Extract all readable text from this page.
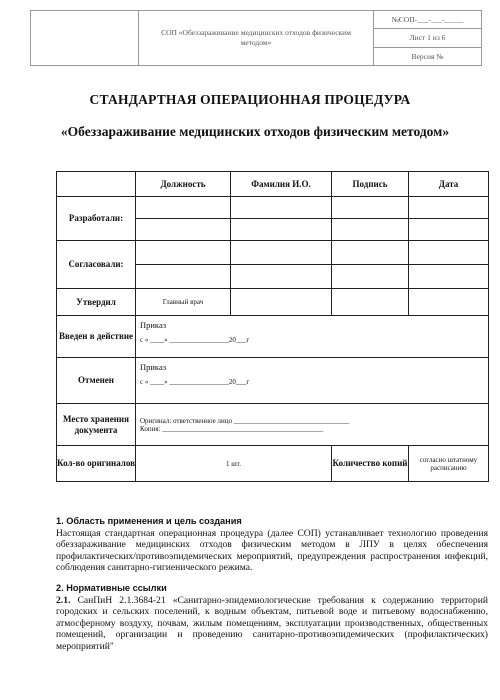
	СОП «Обеззараживание медицинских отходов физическим методом»	№СОП-___-___-_____
Лист 1 из 6
Версия №
СТАНДАРТНАЯ ОПЕРАЦИОННАЯ ПРОЦЕДУРА
«Обеззараживание медицинских отходов физическим методом»
	Должность	Фамилия И.О.	Подпись	Дата
Разработали:				

Согласовали:				

Утвердил	Главный врач			
Введен в действие	Приказ
с « ____» _________________20___г			

Отменен	Приказ
с « ____» _________________20___г			

Место хранения документа	Оригинал: ответственное лицо _________________________________
Копия: ______________________________________________			

Кол-во оригиналов	1 шт.		Количество копий	согласно штатному расписанию

1. Область применения и цель создания

Настоящая стандартная операционная процедура (далее СОП) устанавливает технологию проведения обеззараживание медицинских отходов физическим методом в ЛПУ в целях обеспечения профилактических/противоэпидемических мероприятий, предупреждения распространения инфекций, соблюдения санитарно-гигиенического режима.

2. Нормативные ссылки

2.1. СанПиН 2.1.3684-21 «Санитарно-эпидемиологические требования к содержанию территорий городских и сельских поселений, к водным объектам, питьевой воде и питьевому водоснабжению, атмосферному воздуху, почвам, жилым помещениям, эксплуатации производственных, общественных помещений, организации и проведению санитарно-противоэпидемических (профилактических) мероприятий"
